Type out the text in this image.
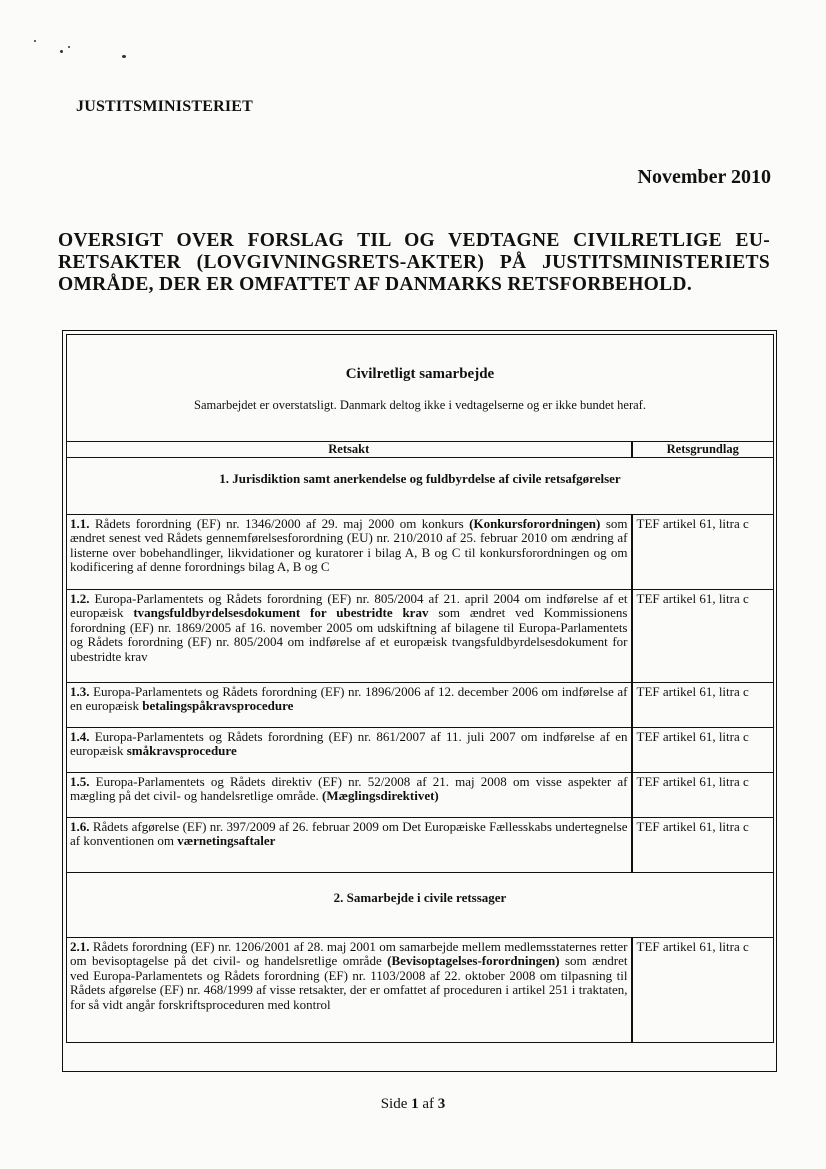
JUSTITSMINISTERIET
November 2010
OVERSIGT OVER FORSLAG TIL OG VEDTAGNE CIVILRETLIGE EU-RETSAKTER (LOVGIVNINGSRETS-AKTER) PÅ JUSTITSMINISTERIETS OMRÅDE, DER ER OMFATTET AF DANMARKS RETSFORBEHOLD.
Civilretligt samarbejde
Samarbejdet er overstatsligt. Danmark deltog ikke i vedtagelserne og er ikke bundet heraf.	

Retsakt	Retsgrundlag
1. Jurisdiktion samt anerkendelse og fuldbyrdelse af civile retsafgørelser	
1.1. Rådets forordning (EF) nr. 1346/2000 af 29. maj 2000 om konkurs (Konkursforordningen) som ændret senest ved Rådets gennemførelsesforordning (EU) nr. 210/2010 af 25. februar 2010 om ændring af listerne over bobehandlinger, likvidationer og kuratorer i bilag A, B og C til konkursforordningen og om kodificering af denne forordnings bilag A, B og C	TEF artikel 61, litra c
1.2. Europa-Parlamentets og Rådets forordning (EF) nr. 805/2004 af 21. april 2004 om indførelse af et europæisk tvangsfuldbyrdelsesdokument for ubestridte krav som ændret ved Kommissionens forordning (EF) nr. 1869/2005 af 16. november 2005 om udskiftning af bilagene til Europa-Parlamentets og Rådets forordning (EF) nr. 805/2004 om indførelse af et europæisk tvangsfuldbyrdelsesdokument for ubestridte krav	TEF artikel 61, litra c
1.3. Europa-Parlamentets og Rådets forordning (EF) nr. 1896/2006 af 12. december 2006 om indførelse af en europæisk betalingspåkravsprocedure	TEF artikel 61, litra c
1.4. Europa-Parlamentets og Rådets forordning (EF) nr. 861/2007 af 11. juli 2007 om indførelse af en europæisk småkravsprocedure	TEF artikel 61, litra c
1.5. Europa-Parlamentets og Rådets direktiv (EF) nr. 52/2008 af 21. maj 2008 om visse aspekter af mægling på det civil- og handelsretlige område. (Mæglingsdirektivet)	TEF artikel 61, litra c
1.6. Rådets afgørelse (EF) nr. 397/2009 af 26. februar 2009 om Det Europæiske Fællesskabs undertegnelse af konventionen om værnetingsaftaler	TEF artikel 61, litra c
2. Samarbejde i civile retssager	
2.1. Rådets forordning (EF) nr. 1206/2001 af 28. maj 2001 om samarbejde mellem medlemsstaternes retter om bevisoptagelse på det civil- og handelsretlige område (Bevisoptagelses-forordningen) som ændret ved Europa-Parlamentets og Rådets forordning (EF) nr. 1103/2008 af 22. oktober 2008 om tilpasning til Rådets afgørelse (EF) nr. 468/1999 af visse retsakter, der er omfattet af proceduren i artikel 251 i traktaten, for så vidt angår forskriftsproceduren med kontrol	TEF artikel 61, litra c
Side 1 af 3
